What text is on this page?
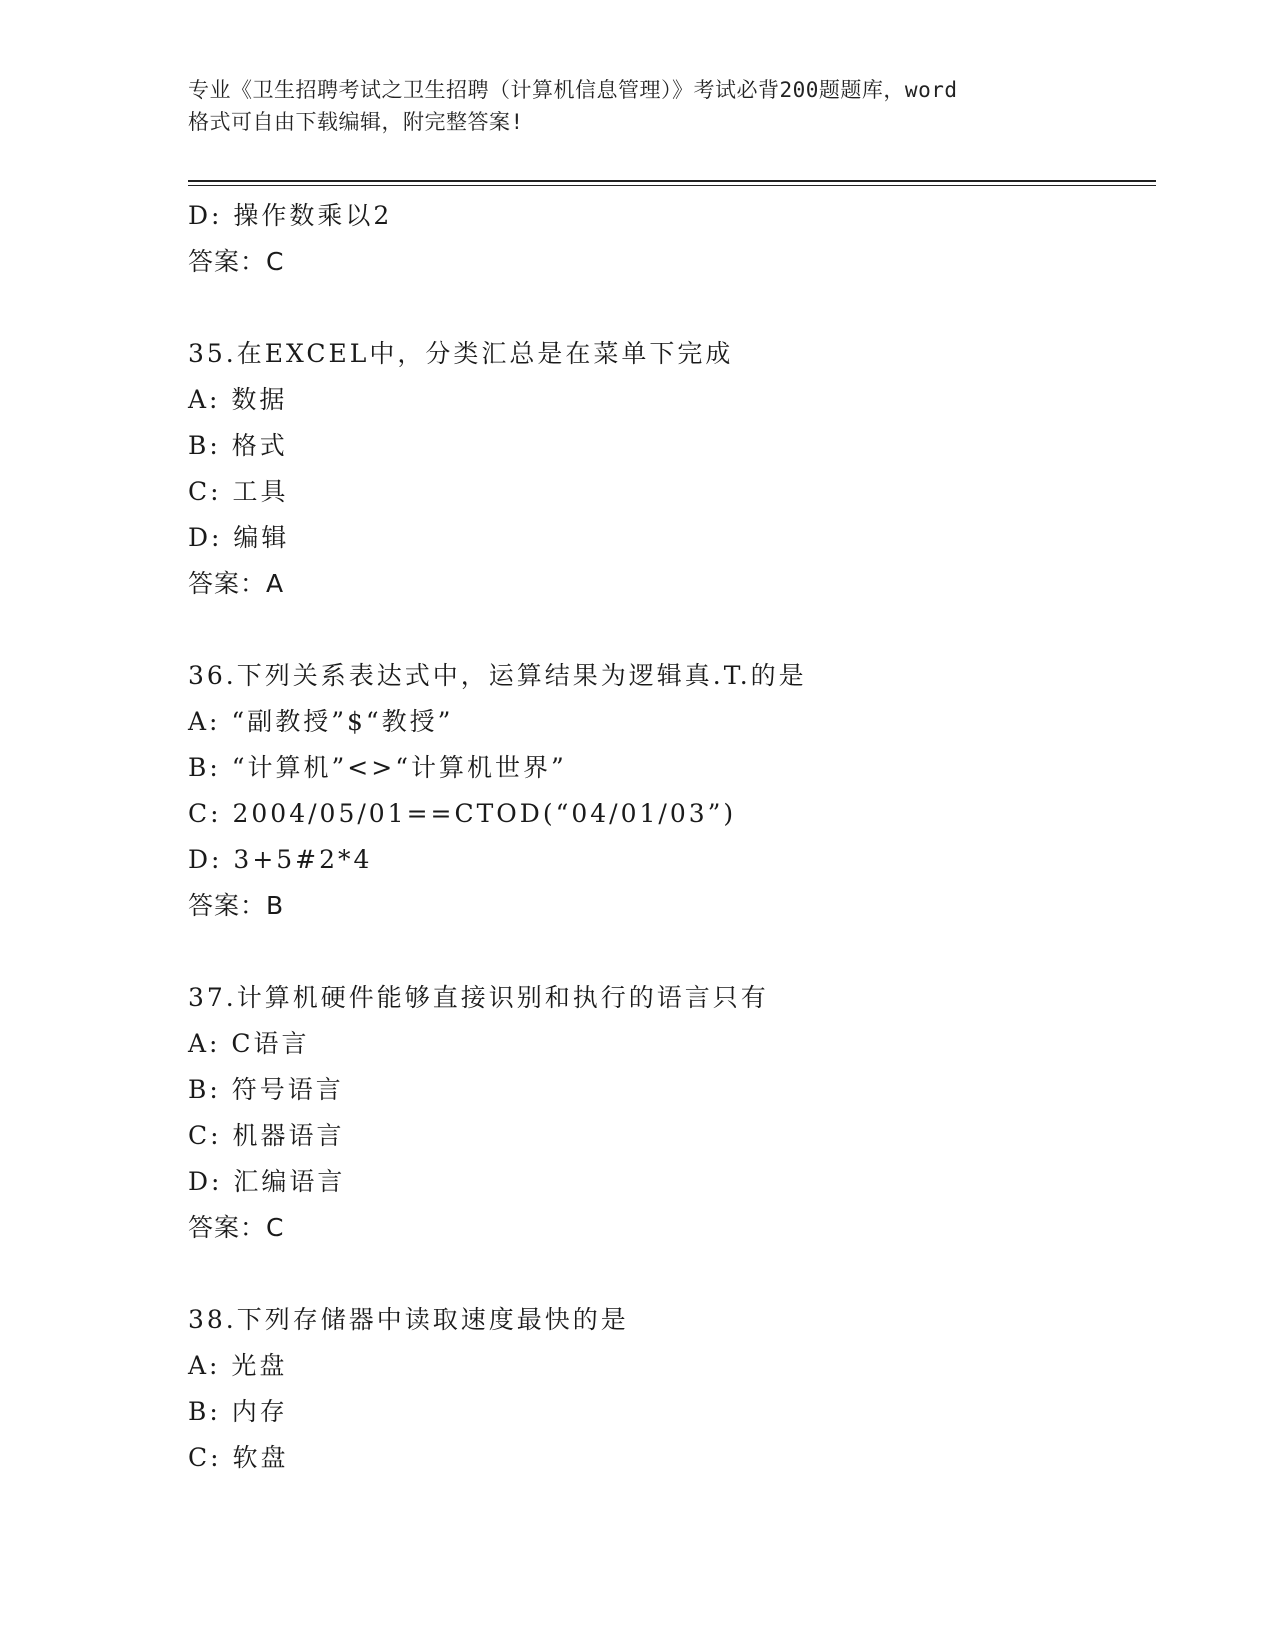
专业《卫生招聘考试之卫生招聘（计算机信息管理）》考试必背200题题库，word
格式可自由下载编辑，附完整答案!
D: 操作数乘以2
答案：C
35.在EXCEL中，分类汇总是在菜单下完成
A: 数据
B: 格式
C: 工具
D: 编辑
答案：A
36.下列关系表达式中，运算结果为逻辑真.T.的是
A: “副教授”$“教授”
B: “计算机”<>“计算机世界”
C: 2004/05/01==CTOD(“04/01/03”)
D: 3+5#2*4
答案：B
37.计算机硬件能够直接识别和执行的语言只有
A: C语言
B: 符号语言
C: 机器语言
D: 汇编语言
答案：C
38.下列存储器中读取速度最快的是
A: 光盘
B: 内存
C: 软盘
